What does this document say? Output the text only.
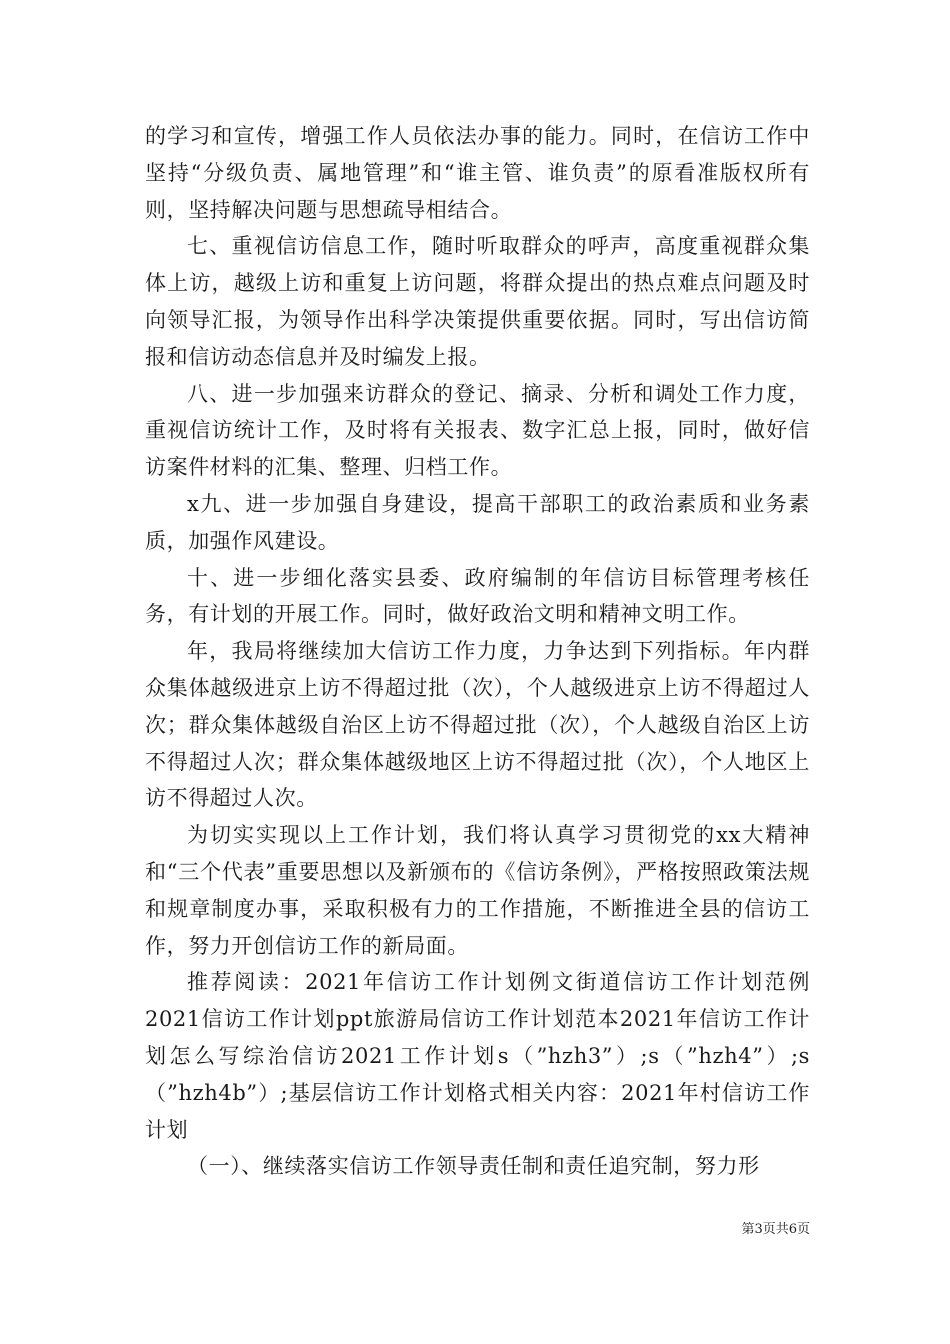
的学习和宣传，增强工作人员依法办事的能力。同时，在信访工作中坚持“分级负责、属地管理”和“谁主管、谁负责”的原看准版权所有则，坚持解决问题与思想疏导相结合。

七、重视信访信息工作，随时听取群众的呼声，高度重视群众集体上访，越级上访和重复上访问题，将群众提出的热点难点问题及时向领导汇报，为领导作出科学决策提供重要依据。同时，写出信访简报和信访动态信息并及时编发上报。

八、进一步加强来访群众的登记、摘录、分析和调处工作力度，重视信访统计工作，及时将有关报表、数字汇总上报，同时，做好信访案件材料的汇集、整理、归档工作。

x九、进一步加强自身建设，提高干部职工的政治素质和业务素质，加强作风建设。

十、进一步细化落实县委、政府编制的年信访目标管理考核任务，有计划的开展工作。同时，做好政治文明和精神文明工作。

年，我局将继续加大信访工作力度，力争达到下列指标。年内群众集体越级进京上访不得超过批（次），个人越级进京上访不得超过人次；群众集体越级自治区上访不得超过批（次），个人越级自治区上访不得超过人次；群众集体越级地区上访不得超过批（次），个人地区上访不得超过人次。

为切实实现以上工作计划，我们将认真学习贯彻党的xx大精神和“三个代表”重要思想以及新颁布的《信访条例》，严格按照政策法规和规章制度办事，采取积极有力的工作措施，不断推进全县的信访工作，努力开创信访工作的新局面。

推荐阅读：2021年信访工作计划例文街道信访工作计划范例2021信访工作计划ppt旅游局信访工作计划范本2021年信访工作计划怎么写综治信访2021工作计划s（”hzh3”）;s（”hzh4”）;s（”hzh4b”）;基层信访工作计划格式相关内容：2021年村信访工作计划

（一）、继续落实信访工作领导责任制和责任追究制，努力形

第3页共6页
